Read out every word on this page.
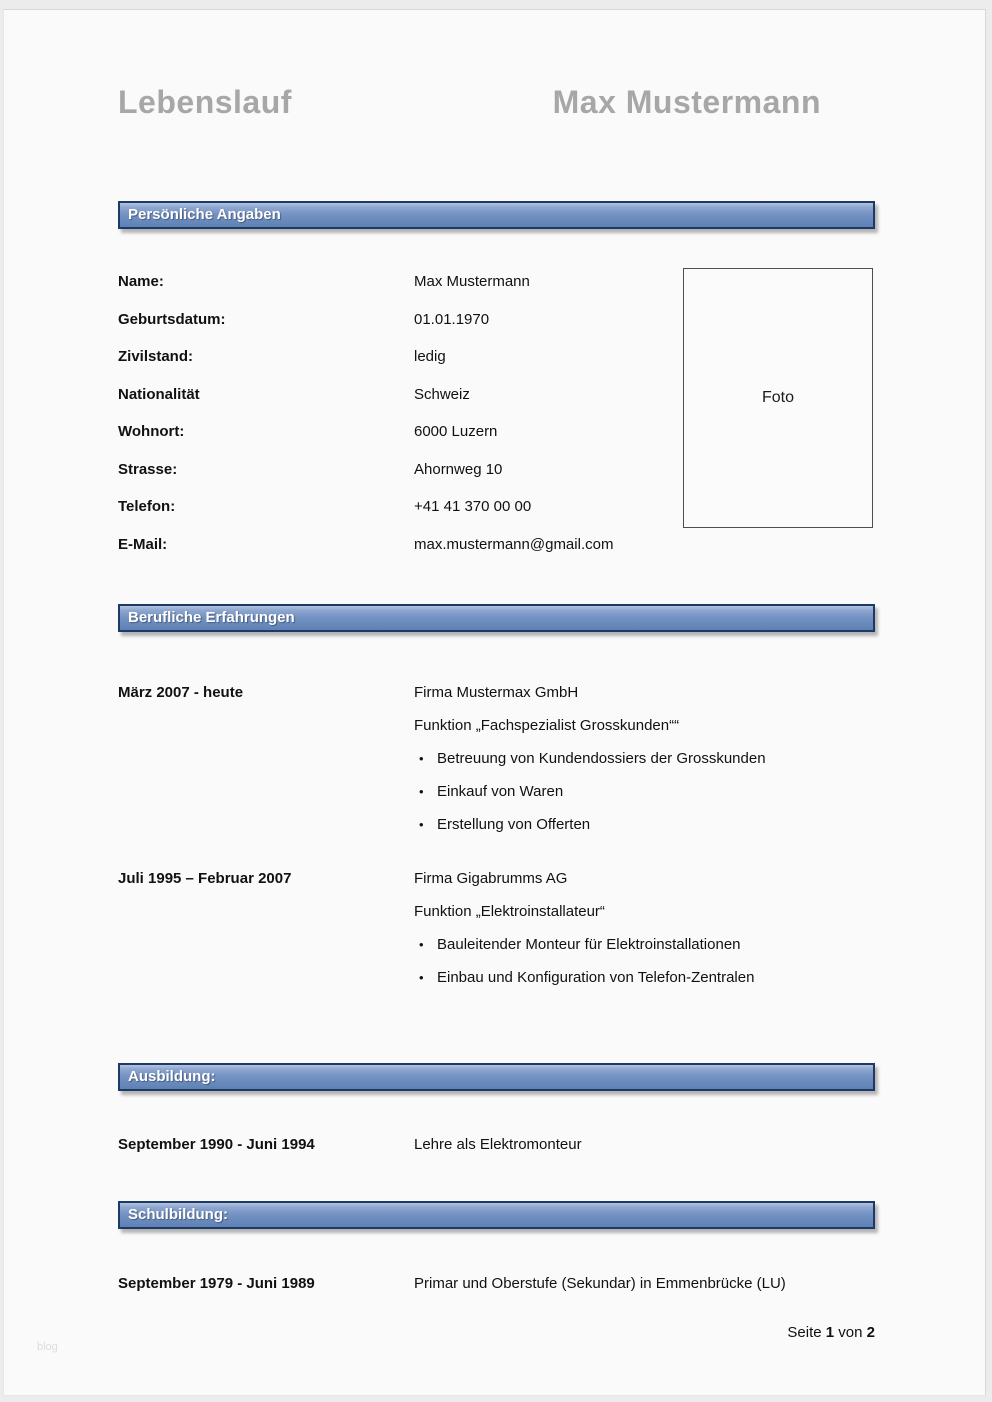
Lebenslauf	Max Mustermann
Persönliche Angaben
Name:	Max Mustermann
Geburtsdatum:	01.01.1970
Zivilstand:	ledig
Nationalität	Schweiz
Wohnort:	6000 Luzern
Strasse:	Ahornweg 10
Telefon:	+41 41 370 00 00
E-Mail:	max.mustermann@gmail.com
Foto
Berufliche Erfahrungen
März 2007 - heute	Firma Mustermax GmbH
Funktion „Fachspezialist Grosskunden““
• Betreuung von Kundendossiers der Grosskunden
• Einkauf von Waren
• Erstellung von Offerten
Juli 1995 – Februar 2007	Firma Gigabrumms AG
Funktion „Elektroinstallateur“
• Bauleitender Monteur für Elektroinstallationen
• Einbau und Konfiguration von Telefon-Zentralen
Ausbildung:
September 1990 - Juni 1994	Lehre als Elektromonteur
Schulbildung:
September 1979 - Juni 1989	Primar und Oberstufe (Sekundar) in Emmenbrücke (LU)
Seite 1 von 2
blog
